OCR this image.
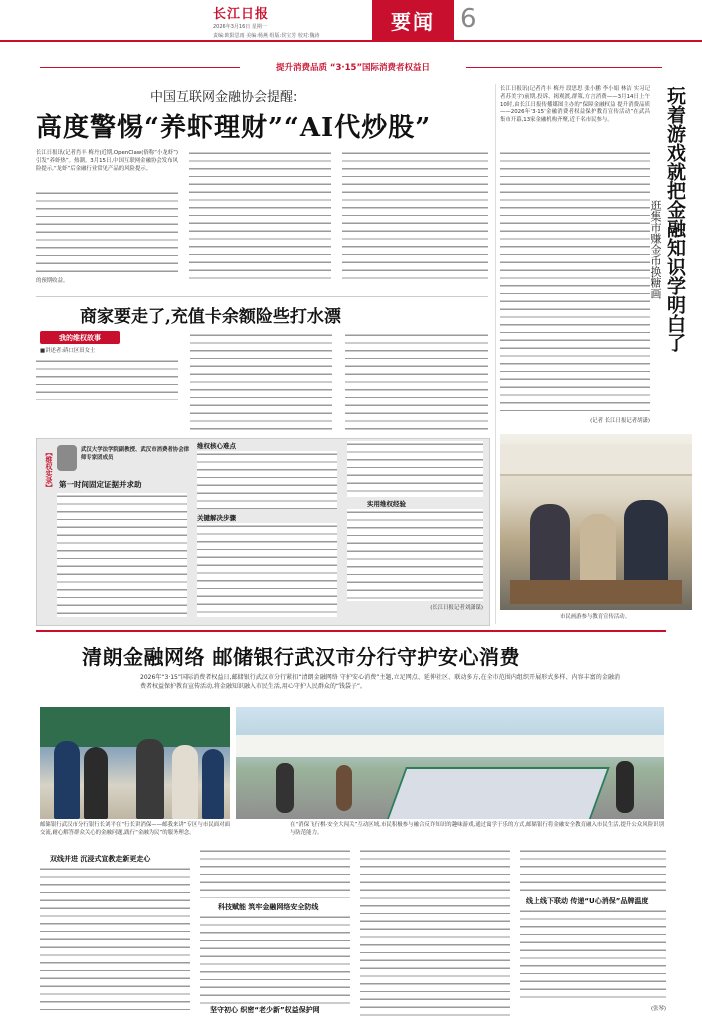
长江日报
2026年3月16日 星期一
责编:欧阳思雨 美编:杨燕 组版:侯宝芳 校对:魏涛
要闻 6
提升消费品质 “3·15”国际消费者权益日
中国互联网金融协会提醒:
高度警惕“养虾理财”“AI代炒股”
长江日报讯(记者肖丰 梅丹)近期,OpenClaw(俗称“小龙虾”)引发“养虾热”。热潮。3月15日,中国互联网金融协会发布风险提示,“龙虾”后金融行业常见产品的风险提示。
的预期收益。
长江日报讯(记者肖丰 梅丹 段思思 张小鹏 李小娟 林洁 实习记者苏美宇)前期,投诉、揭观渡,群策,方言消费——3月14日上午10时,由长江日报传播媒图主办的“保障金融权益 提升消费品质——2026年‘3·15’金融消费者权益保护教育宣传活动”在武昌集市开幕,13家金融机构齐聚,近千名市民参与。
(记者 长江日报记者胡潇)
玩着游戏就把金融知识学明白了
逛集市赚金币换糖画
市民画游参与教育宣传活动。
商家要走了,充值卡余额险些打水漂
我的维权故事
■讲述者:硚口区田女士
【维权实录】	武汉大学法学院副教授、武汉市消费者协会律师专家团成员
第一时间固定证据并求助
维权核心难点
关键解决步骤
实用维权经验
(长江日报记者刘潇谋)
清朗金融网络 邮储银行武汉市分行守护安心消费
2026年“3·15”国际消费者权益日,邮储银行武汉市分行紧扣“清朗金融网络 守护安心消费”主题,立足网点、延伸社区、联动多方,在全市范围内组织开展形式多样、内容丰富的金融消费者权益保护教育宣传活动,将金融知识融入市民生活,用心守护人民群众的“钱袋子”。
邮储银行武汉市分行银行长刘平在“行长讲消保——邮我来讲”专区与市民面对面交流,耐心解答群众关心的金融问题,践行“金融为民”的服务理念。
在“消保飞行棋·安全大闯关”互动区域,市民积极参与融合反诈知识的趣味游戏,通过寓学于乐的方式,邮储银行将金融安全教育融入市民生活,提升公众风险识别与防范能力。
双线并进 沉浸式宣教走新更走心
科技赋能 筑牢金融网络安全防线
坚守初心 织密“老少新”权益保护网
线上线下联动 传递“U心消保”品牌温度
(张琴)
